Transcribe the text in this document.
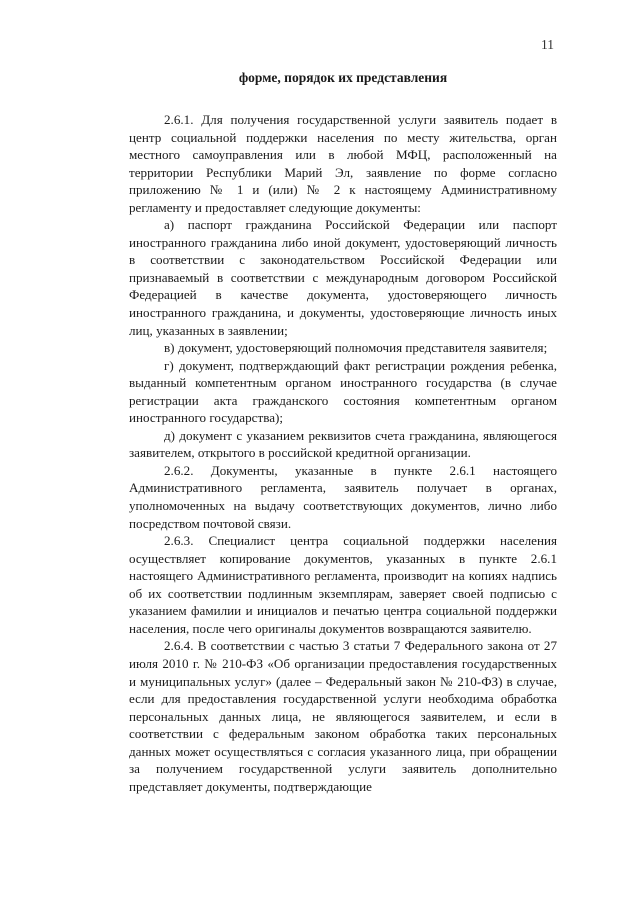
11
форме, порядок их представления

2.6.1. Для получения государственной услуги заявитель подает в центр социальной поддержки населения по месту жительства, орган местного самоуправления или в любой МФЦ, расположенный на территории Республики Марий Эл, заявление по форме согласно приложению № 1 и (или) № 2 к настоящему Административному регламенту и предоставляет следующие документы:

а) паспорт гражданина Российской Федерации или паспорт иностранного гражданина либо иной документ, удостоверяющий личность в соответствии с законодательством Российской Федерации или признаваемый в соответствии с международным договором Российской Федерацией в качестве документа, удостоверяющего личность иностранного гражданина, и документы, удостоверяющие личность иных лиц, указанных в заявлении;

в) документ, удостоверяющий полномочия представителя заявителя;

г) документ, подтверждающий факт регистрации рождения ребенка, выданный компетентным органом иностранного государства (в случае регистрации акта гражданского состояния компетентным органом иностранного государства);

д) документ с указанием реквизитов счета гражданина, являющегося заявителем, открытого в российской кредитной организации.

2.6.2. Документы, указанные в пункте 2.6.1 настоящего Административного регламента, заявитель получает в органах, уполномоченных на выдачу соответствующих документов, лично либо посредством почтовой связи.

2.6.3. Специалист центра социальной поддержки населения осуществляет копирование документов, указанных в пункте 2.6.1 настоящего Административного регламента, производит на копиях надпись об их соответствии подлинным экземплярам, заверяет своей подписью с указанием фамилии и инициалов и печатью центра социальной поддержки населения, после чего оригиналы документов возвращаются заявителю.

2.6.4. В соответствии с частью 3 статьи 7 Федерального закона от 27 июля 2010 г. № 210-ФЗ «Об организации предоставления государственных и муниципальных услуг» (далее – Федеральный закон № 210-ФЗ) в случае, если для предоставления государственной услуги необходима обработка персональных данных лица, не являющегося заявителем, и если в соответствии с федеральным законом обработка таких персональных данных может осуществляться с согласия указанного лица, при обращении за получением государственной услуги заявитель дополнительно представляет документы, подтверждающие
